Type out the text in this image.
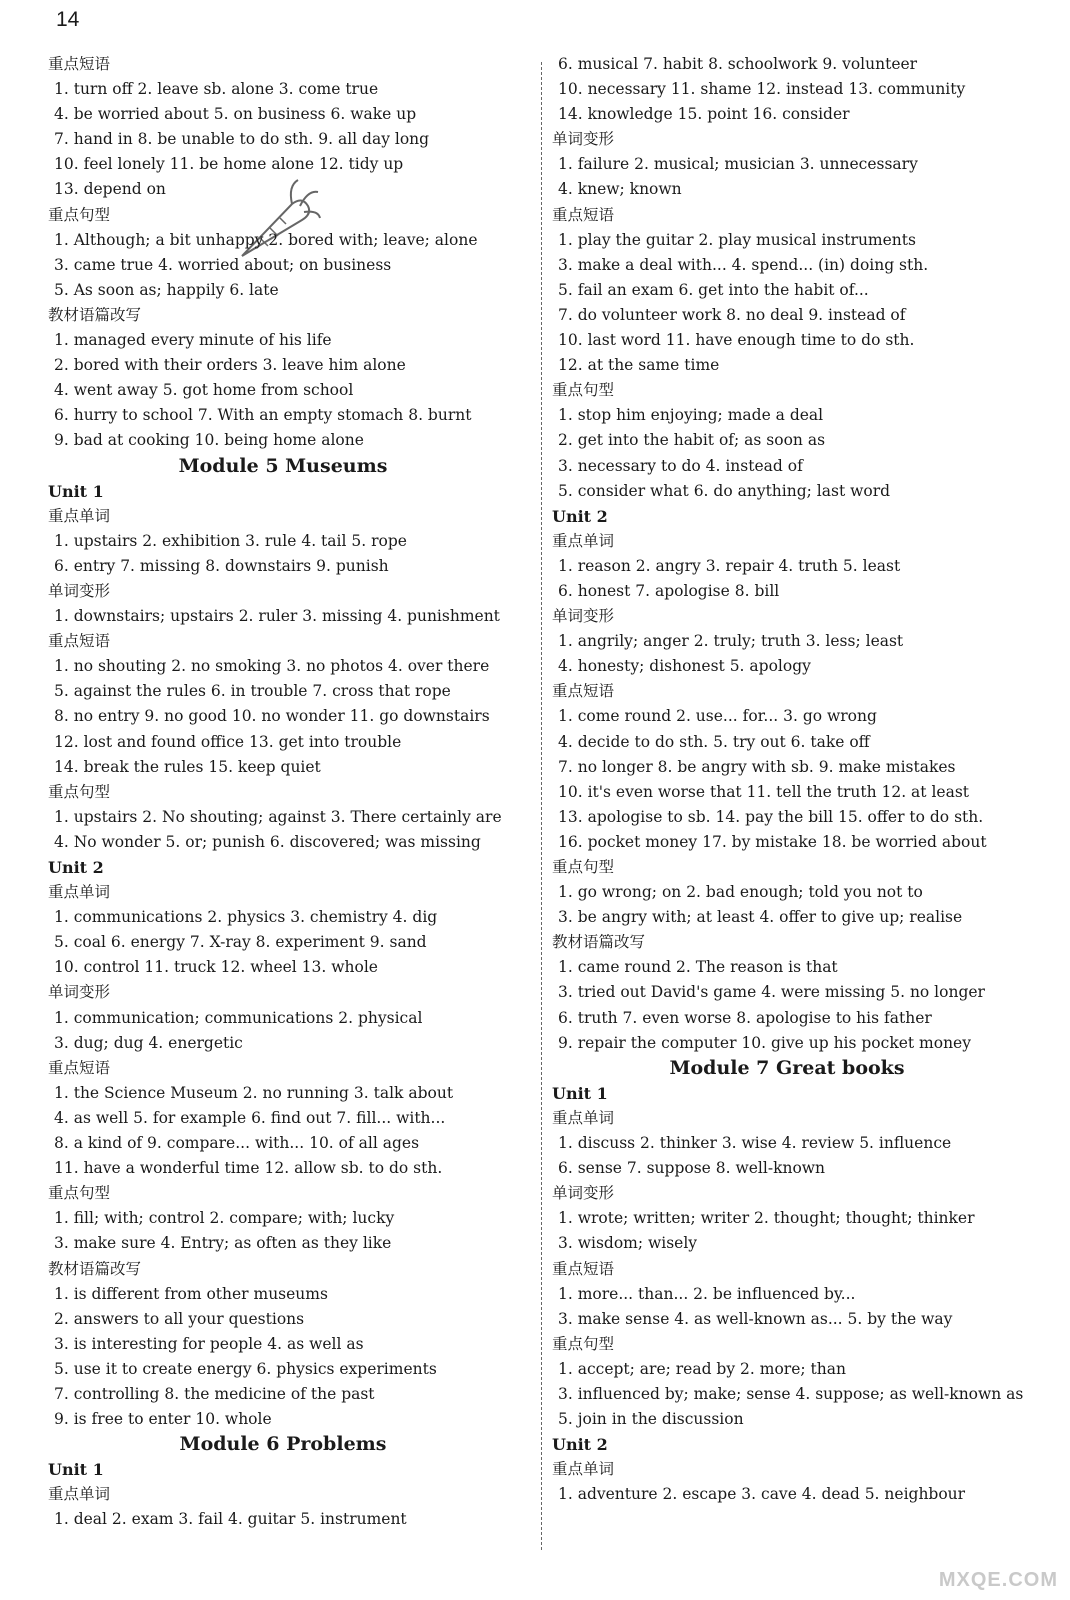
14
重点短语
1. turn off 2. leave sb. alone 3. come true
4. be worried about 5. on business 6. wake up
7. hand in 8. be unable to do sth. 9. all day long
10. feel lonely 11. be home alone 12. tidy up
13. depend on
重点句型
1. Although; a bit unhappy 2. bored with; leave; alone
3. came true 4. worried about; on business
5. As soon as; happily 6. late
教材语篇改写
1. managed every minute of his life
2. bored with their orders 3. leave him alone
4. went away 5. got home from school
6. hurry to school 7. With an empty stomach 8. burnt
9. bad at cooking 10. being home alone
Module 5 Museums
Unit 1
重点单词
1. upstairs 2. exhibition 3. rule 4. tail 5. rope
6. entry 7. missing 8. downstairs 9. punish
单词变形
1. downstairs; upstairs 2. ruler 3. missing 4. punishment
重点短语
1. no shouting 2. no smoking 3. no photos 4. over there
5. against the rules 6. in trouble 7. cross that rope
8. no entry 9. no good 10. no wonder 11. go downstairs
12. lost and found office 13. get into trouble
14. break the rules 15. keep quiet
重点句型
1. upstairs 2. No shouting; against 3. There certainly are
4. No wonder 5. or; punish 6. discovered; was missing
Unit 2
重点单词
1. communications 2. physics 3. chemistry 4. dig
5. coal 6. energy 7. X-ray 8. experiment 9. sand
10. control 11. truck 12. wheel 13. whole
单词变形
1. communication; communications 2. physical
3. dug; dug 4. energetic
重点短语
1. the Science Museum 2. no running 3. talk about
4. as well 5. for example 6. find out 7. fill... with...
8. a kind of 9. compare... with... 10. of all ages
11. have a wonderful time 12. allow sb. to do sth.
重点句型
1. fill; with; control 2. compare; with; lucky
3. make sure 4. Entry; as often as they like
教材语篇改写
1. is different from other museums
2. answers to all your questions
3. is interesting for people 4. as well as
5. use it to create energy 6. physics experiments
7. controlling 8. the medicine of the past
9. is free to enter 10. whole
Module 6 Problems
Unit 1
重点单词
1. deal 2. exam 3. fail 4. guitar 5. instrument
6. musical 7. habit 8. schoolwork 9. volunteer
10. necessary 11. shame 12. instead 13. community
14. knowledge 15. point 16. consider
单词变形
1. failure 2. musical; musician 3. unnecessary
4. knew; known
重点短语
1. play the guitar 2. play musical instruments
3. make a deal with... 4. spend... (in) doing sth.
5. fail an exam 6. get into the habit of...
7. do volunteer work 8. no deal 9. instead of
10. last word 11. have enough time to do sth.
12. at the same time
重点句型
1. stop him enjoying; made a deal
2. get into the habit of; as soon as
3. necessary to do 4. instead of
5. consider what 6. do anything; last word
Unit 2
重点单词
1. reason 2. angry 3. repair 4. truth 5. least
6. honest 7. apologise 8. bill
单词变形
1. angrily; anger 2. truly; truth 3. less; least
4. honesty; dishonest 5. apology
重点短语
1. come round 2. use... for... 3. go wrong
4. decide to do sth. 5. try out 6. take off
7. no longer 8. be angry with sb. 9. make mistakes
10. it's even worse that 11. tell the truth 12. at least
13. apologise to sb. 14. pay the bill 15. offer to do sth.
16. pocket money 17. by mistake 18. be worried about
重点句型
1. go wrong; on 2. bad enough; told you not to
3. be angry with; at least 4. offer to give up; realise
教材语篇改写
1. came round 2. The reason is that
3. tried out David's game 4. were missing 5. no longer
6. truth 7. even worse 8. apologise to his father
9. repair the computer 10. give up his pocket money
Module 7 Great books
Unit 1
重点单词
1. discuss 2. thinker 3. wise 4. review 5. influence
6. sense 7. suppose 8. well-known
单词变形
1. wrote; written; writer 2. thought; thought; thinker
3. wisdom; wisely
重点短语
1. more... than... 2. be influenced by...
3. make sense 4. as well-known as... 5. by the way
重点句型
1. accept; are; read by 2. more; than
3. influenced by; make; sense 4. suppose; as well-known as
5. join in the discussion
Unit 2
重点单词
1. adventure 2. escape 3. cave 4. dead 5. neighbour
MXQE.COM
